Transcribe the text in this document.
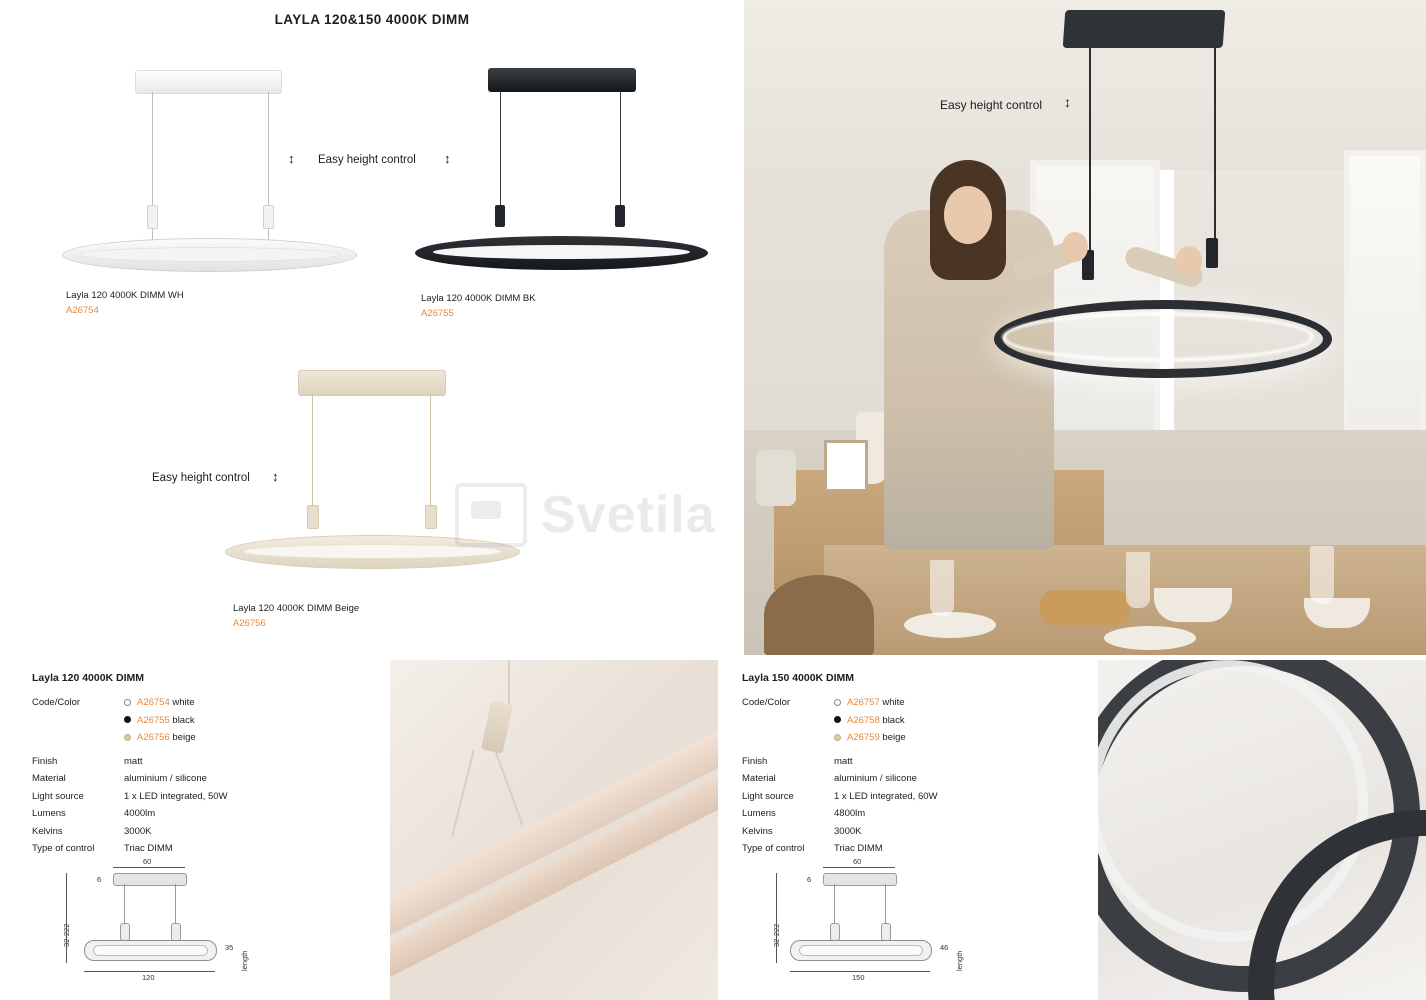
LAYLA 120&150 4000K DIMM
Layla 120 4000K DIMM WH
A26754
Layla 120 4000K DIMM BK
A26755
↕ Easy height control ↕
Layla 120 4000K DIMM Beige
A26756
Easy height control ↕
Easy height control ↕
Svetila
Layla 120 4000K DIMM
Code/Color	A26754 white
A26755 black
A26756 beige
Finish	matt
Material	aluminium / silicone
Light source	1 x LED integrated, 50W
Lumens	4000lm
Kelvins	3000K
Type of control	Triac DIMM
60
6
32-222
120
35
length
Layla 150 4000K DIMM
Code/Color	A26757 white
A26758 black
A26759 beige
Finish	matt
Material	aluminium / silicone
Light source	1 x LED integrated, 60W
Lumens	4800lm
Kelvins	3000K
Type of control	Triac DIMM
60
6
32-222
150
46
length
